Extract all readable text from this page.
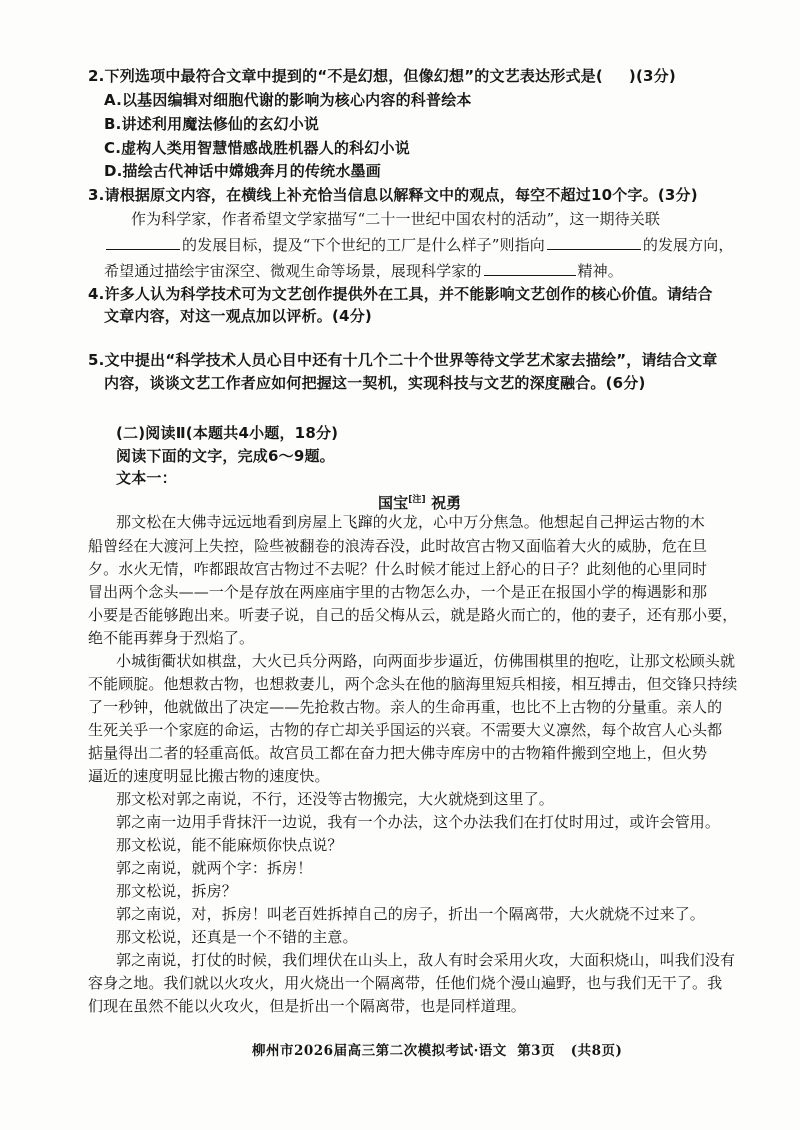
2.下列选项中最符合文章中提到的“不是幻想，但像幻想”的文艺表达形式是( )(3分)
A.以基因编辑对细胞代谢的影响为核心内容的科普绘本
B.讲述利用魔法修仙的玄幻小说
C.虚构人类用智慧惜感战胜机器人的科幻小说
D.描绘古代神话中嫦娥奔月的传统水墨画
3.请根据原文内容，在横线上补充恰当信息以解释文中的观点，每空不超过10个字。(3分)
作为科学家，作者希望文学家描写“二十一世纪中国农村的活动”，这一期待关联
的发展目标，提及“下个世纪的工厂是什么样子”则指向	的发展方向，
希望通过描绘宇宙深空、微观生命等场景，展现科学家的	精神。
4.许多人认为科学技术可为文艺创作提供外在工具，并不能影响文艺创作的核心价值。请结合
文章内容，对这一观点加以评析。(4分)
5.文中提出“科学技术人员心目中还有十几个二十个世界等待文学艺术家去描绘”，请结合文章
内容，谈谈文艺工作者应如何把握这一契机，实现科技与文艺的深度融合。(6分)
(二)阅读Ⅱ(本题共4小题，18分)
阅读下面的文字，完成6～9题。
文本一：
国宝[注] 祝勇
那文松在大佛寺远远地看到房屋上飞蹿的火龙，心中万分焦急。他想起自己押运古物的木
船曾经在大渡河上失控，险些被翻卷的浪涛吞没，此时故宫古物又面临着大火的威胁，危在旦
夕。水火无情，咋都跟故宫古物过不去呢？什么时候才能过上舒心的日子？此刻他的心里同时
冒出两个念头——一个是存放在两座庙宇里的古物怎么办，一个是正在报国小学的梅遇影和那
小要是否能够跑出来。听妻子说，自己的岳父梅从云，就是路火而亡的，他的妻子，还有那小要，
绝不能再葬身于烈焰了。
小城街衢状如棋盘，大火已兵分两路，向两面步步逼近，仿佛围棋里的抱吃，让那文松顾头就
不能顾腚。他想救古物，也想救妻儿，两个念头在他的脑海里短兵相接，相互搏击，但交锋只持续
了一秒钟，他就做出了决定——先抢救古物。亲人的生命再重，也比不上古物的分量重。亲人的
生死关乎一个家庭的命运，古物的存亡却关乎国运的兴衰。不需要大义凛然，每个故宫人心头都
掂量得出二者的轻重高低。故宫员工都在奋力把大佛寺库房中的古物箱件搬到空地上，但火势
逼近的速度明显比搬古物的速度快。
那文松对郭之南说，不行，还没等古物搬完，大火就烧到这里了。
郭之南一边用手背抹汗一边说，我有一个办法，这个办法我们在打仗时用过，或许会管用。
那文松说，能不能麻烦你快点说？
郭之南说，就两个字：拆房！
那文松说，拆房？
郭之南说，对，拆房！叫老百姓拆掉自己的房子，折出一个隔离带，大火就烧不过来了。
那文松说，还真是一个不错的主意。
郭之南说，打仗的时候，我们埋伏在山头上，敌人有时会采用火攻，大面积烧山，叫我们没有
容身之地。我们就以火攻火，用火烧出一个隔离带，任他们烧个漫山遍野，也与我们无干了。我
们现在虽然不能以火攻火，但是折出一个隔离带，也是同样道理。
柳州市2026届高三第二次模拟考试·语文 第3页 (共8页)
